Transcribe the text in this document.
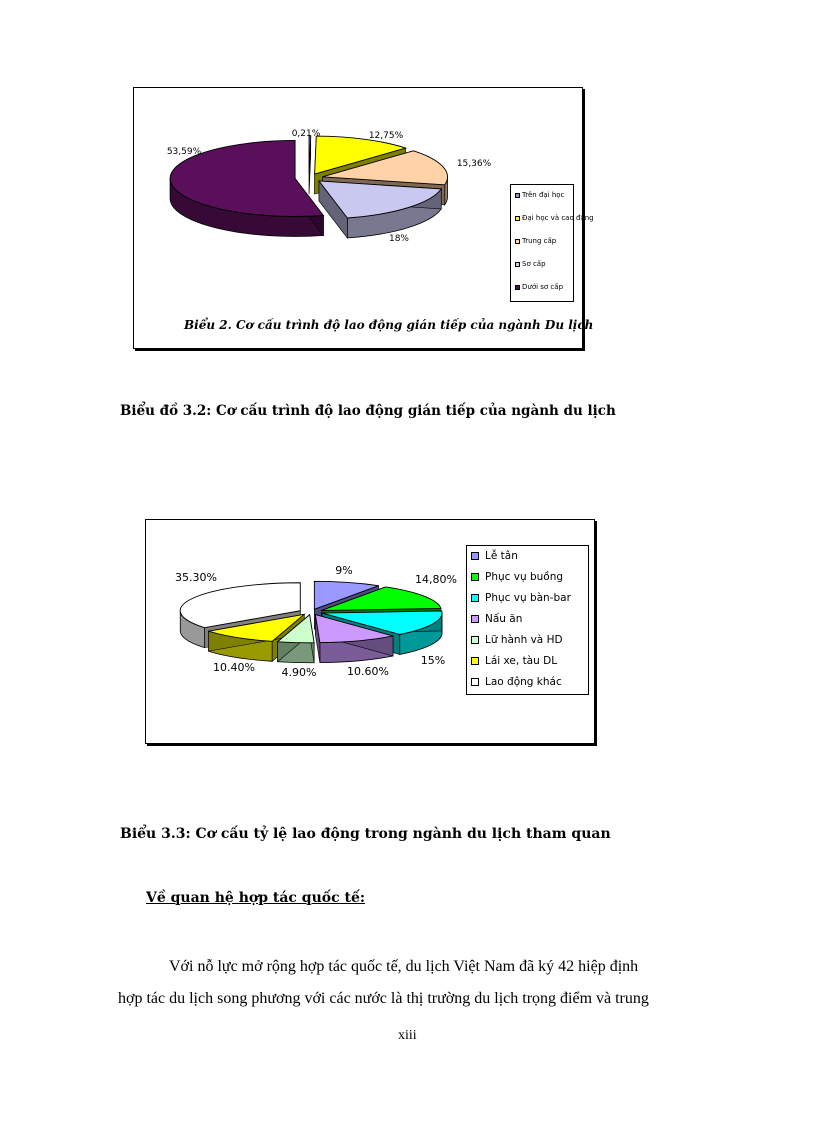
0,21%	12,75%
15,36%
18%
53,59%
Trên đại học
Đại học và cao đẳng
Trung cấp
Sơ cấp
Dưới sơ cấp
Biểu 2. Cơ cấu trình độ lao động gián tiếp của ngành Du lịch
Biểu đồ 3.2: Cơ cấu trình độ lao động gián tiếp của ngành du lịch
9%
14,80%
15%
10.60%
4.90%
10.40%
35.30%
Lễ tân
Phục vụ buồng
Phục vụ bàn-bar
Nấu ăn
Lữ hành và HD
Lái xe, tàu DL
Lao động khác
Biểu 3.3: Cơ cấu tỷ lệ lao động trong ngành du lịch tham quan
Về quan hệ hợp tác quốc tế:
Với nỗ lực mở rộng hợp tác quốc tế, du lịch Việt Nam đã ký 42 hiệp định
hợp tác du lịch song phương với các nước là thị trường du lịch trọng điểm và trung
xiii
